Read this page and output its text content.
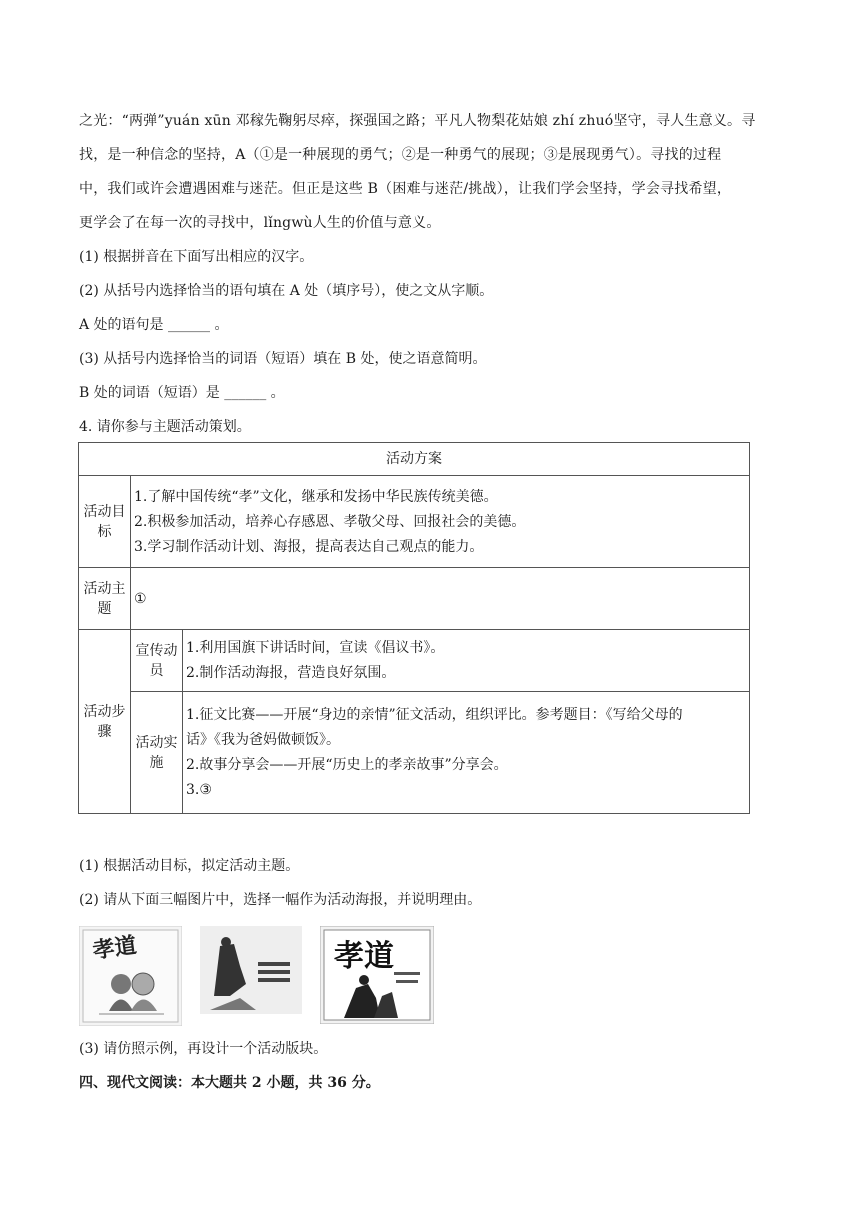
之光：“两弹”yuán xūn 邓稼先鞠躬尽瘁，探强国之路；平凡人物梨花姑娘 zhí zhuó坚守，寻人生意义。寻
找，是一种信念的坚持，A（①是一种展现的勇气；②是一种勇气的展现；③是展现勇气）。寻找的过程
中，我们或许会遭遇困难与迷茫。但正是这些 B（困难与迷茫/挑战），让我们学会坚持，学会寻找希望，
更学会了在每一次的寻找中，lǐngwù人生的价值与意义。
(1) 根据拼音在下面写出相应的汉字。
(2) 从括号内选择恰当的语句填在 A 处（填序号），使之文从字顺。
A 处的语句是 ______ 。
(3) 从括号内选择恰当的词语（短语）填在 B 处，使之语意简明。
B 处的词语（短语）是 ______ 。
4. 请你参与主题活动策划。
活动方案		
活动目标	1.了解中国传统“孝”文化，继承和发扬中华民族传统美德。
2.积极参加活动，培养心存感恩、孝敬父母、回报社会的美德。
3.学习制作活动计划、海报，提高表达自己观点的能力。	

活动主题	①	

活动步骤	宣传动员	1.利用国旗下讲话时间，宣读《倡议书》。
2.制作活动海报，营造良好氛围。

	活动实施	1.征文比赛——开展“身边的亲情”征文活动，组织评比。参考题目：《写给父母的
话》《我为爸妈做顿饭》。
2.故事分享会——开展“历史上的孝亲故事”分享会。
3.③
(1) 根据活动目标，拟定活动主题。
(2) 请从下面三幅图片中，选择一幅作为活动海报，并说明理由。
孝道	孝道
(3) 请仿照示例，再设计一个活动版块。
四、现代文阅读：本大题共 2 小题，共 36 分。
